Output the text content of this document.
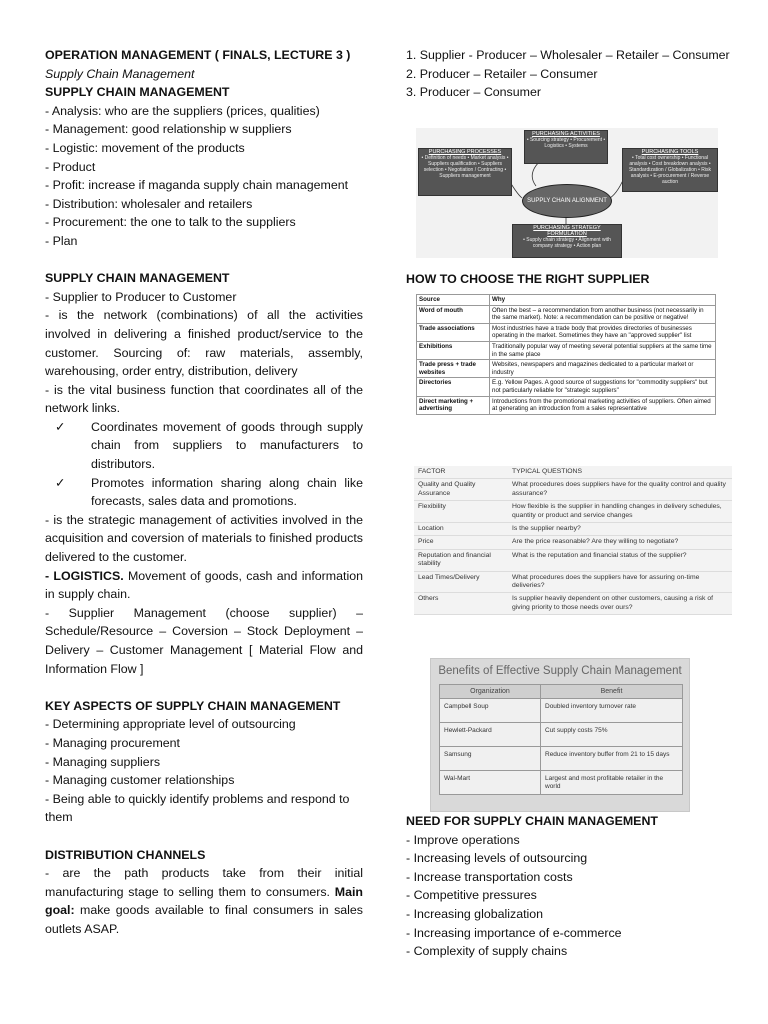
OPERATION MANAGEMENT ( FINALS, LECTURE 3 )

Supply Chain Management

SUPPLY CHAIN MANAGEMENT

- Analysis: who are the suppliers (prices, qualities)

- Management: good relationship w suppliers

- Logistic: movement of the products

- Product

- Profit: increase if maganda supply chain management

- Distribution: wholesaler and retailers

- Procurement: the one to talk to the suppliers

- Plan

SUPPLY CHAIN MANAGEMENT

- Supplier to Producer to Customer

- is the network (combinations) of all the activities involved in delivering a finished product/service to the customer. Sourcing of: raw materials, assembly, warehousing, order entry, distribution, delivery

- is the vital business function that coordinates all of the network links.

✓	Coordinates movement of goods through supply chain from suppliers to manufacturers to distributors.
✓	Promotes information sharing along chain like forecasts, sales data and promotions.

- is the strategic management of activities involved in the acquisition and coversion of materials to finished products delivered to the customer.

- LOGISTICS. Movement of goods, cash and information in supply chain.

- Supplier Management (choose supplier) – Schedule/Resource – Coversion – Stock Deployment – Delivery – Customer Management [ Material Flow and Information Flow ]

KEY ASPECTS OF SUPPLY CHAIN MANAGEMENT

- Determining appropriate level of outsourcing

- Managing procurement

- Managing suppliers

- Managing customer relationships

- Being able to quickly identify problems and respond to them

DISTRIBUTION CHANNELS

- are the path products take from their initial manufacturing stage to selling them to consumers. Main goal: make goods available to final consumers in sales outlets ASAP.

1. Supplier - Producer – Wholesaler – Retailer – Consumer

2. Producer – Retailer – Consumer

3. Producer – Consumer

PURCHASING ACTIVITIES
• Sourcing strategy • Procurement • Logistics • Systems
PURCHASING PROCESSES
• Definition of needs • Market analysis • Suppliers qualification • Suppliers selection • Negotiation / Contracting • Suppliers management
PURCHASING TOOLS
• Total cost ownership • Functional analysis • Cost breakdown analysis • Standardization / Globalization • Risk analysis • E-procurement / Reverse auction
SUPPLY CHAIN ALIGNMENT
PURCHASING STRATEGY FORMULATION
• Supply chain strategy • Alignment with company strategy • Action plan

HOW TO CHOOSE THE RIGHT SUPPLIER

Source	Why
Word of mouth	Often the best – a recommendation from another business (not necessarily in the same market). Note: a recommendation can be positive or negative!
Trade associations	Most industries have a trade body that provides directories of businesses operating in the market. Sometimes they have an "approved supplier" list
Exhibitions	Traditionally popular way of meeting several potential suppliers at the same time in the same place
Trade press + trade websites	Websites, newspapers and magazines dedicated to a particular market or industry
Directories	E.g. Yellow Pages. A good source of suggestions for "commodity suppliers" but not particularly reliable for "strategic suppliers"
Direct marketing + advertising	Introductions from the promotional marketing activities of suppliers. Often aimed at generating an introduction from a sales representative
FACTOR	TYPICAL QUESTIONS
Quality and Quality Assurance	What procedures does suppliers have for the quality control and quality assurance?
Flexibility	How flexible is the supplier in handling changes in delivery schedules, quantity or product and service changes
Location	Is the supplier nearby?
Price	Are the price reasonable? Are they willing to negotiate?
Reputation and financial stability	What is the reputation and financial status of the supplier?
Lead Times/Delivery	What procedures does the suppliers have for assuring on-time deliveries?
Others	Is supplier heavily dependent on other customers, causing a risk of giving priority to those needs over ours?
Benefits of Effective Supply Chain Management
Organization	Benefit
Campbell Soup	Doubled inventory turnover rate
Hewlett-Packard	Cut supply costs 75%
Samsung	Reduce inventory buffer from 21 to 15 days
Wal-Mart	Largest and most profitable retailer in the world

NEED FOR SUPPLY CHAIN MANAGEMENT

- Improve operations

- Increasing levels of outsourcing

- Increase transportation costs

- Competitive pressures

- Increasing globalization

- Increasing importance of e-commerce

- Complexity of supply chains
